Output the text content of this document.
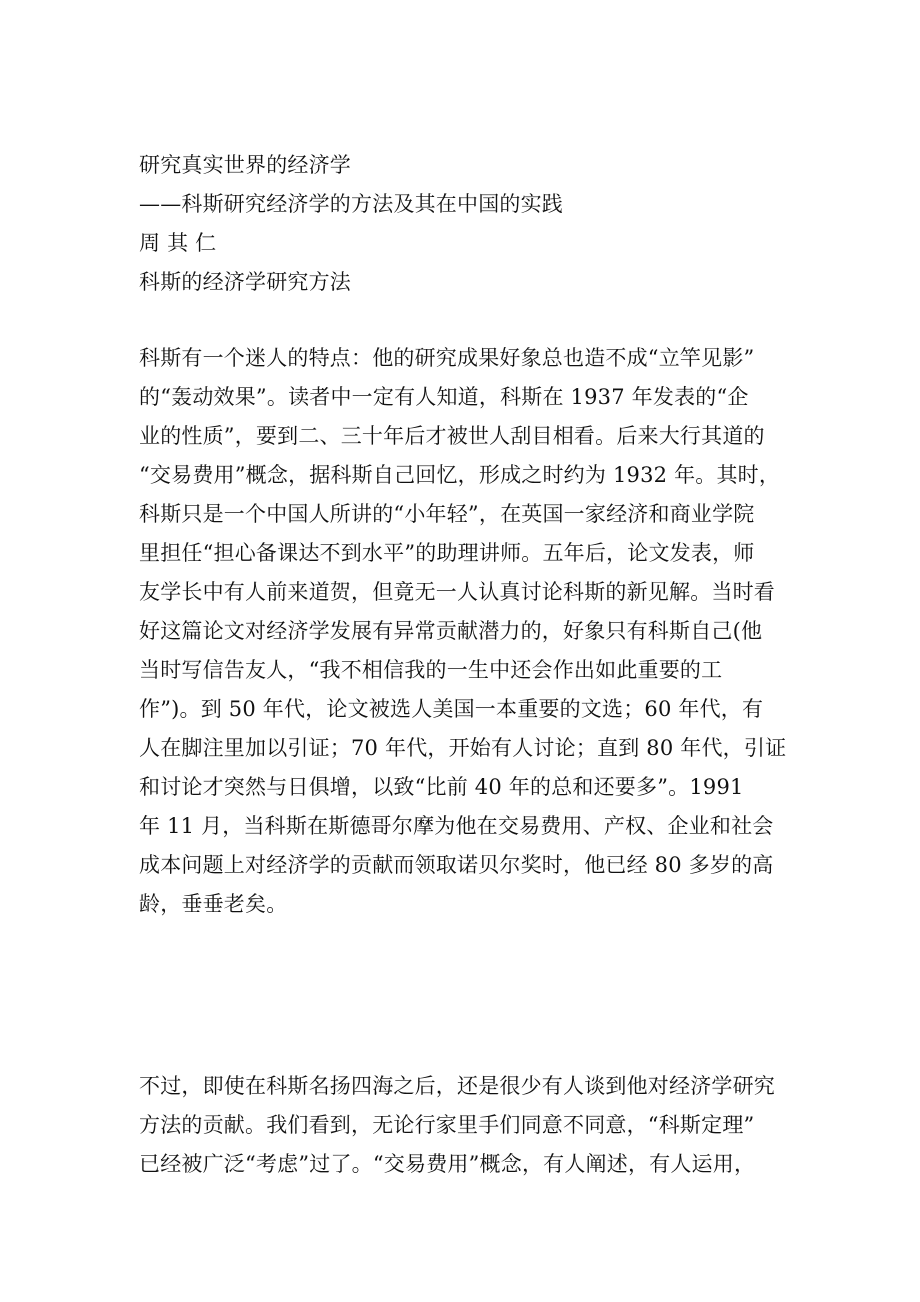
研究真实世界的经济学
——科斯研究经济学的方法及其在中国的实践
周 其 仁
科斯的经济学研究方法
科斯有一个迷人的特点：他的研究成果好象总也造不成“立竿见影”
的“轰动效果”。读者中一定有人知道，科斯在 1937 年发表的“企
业的性质”，要到二、三十年后才被世人刮目相看。后来大行其道的
“交易费用”概念，据科斯自己回忆，形成之时约为 1932 年。其时，
科斯只是一个中国人所讲的“小年轻”，在英国一家经济和商业学院
里担任“担心备课达不到水平”的助理讲师。五年后，论文发表，师
友学长中有人前来道贺，但竟无一人认真讨论科斯的新见解。当时看
好这篇论文对经济学发展有异常贡献潜力的，好象只有科斯自己(他
当时写信告友人，“我不相信我的一生中还会作出如此重要的工
作”)。到 50 年代，论文被选人美国一本重要的文选；60 年代，有
人在脚注里加以引证；70 年代，开始有人讨论；直到 80 年代，引证
和讨论才突然与日俱增，以致“比前 40 年的总和还要多”。1991
年 11 月，当科斯在斯德哥尔摩为他在交易费用、产权、企业和社会
成本问题上对经济学的贡献而领取诺贝尔奖时，他已经 80 多岁的高
龄，垂垂老矣。
不过，即使在科斯名扬四海之后，还是很少有人谈到他对经济学研究
方法的贡献。我们看到，无论行家里手们同意不同意，“科斯定理”
已经被广泛“考虑”过了。“交易费用”概念，有人阐述，有人运用，
